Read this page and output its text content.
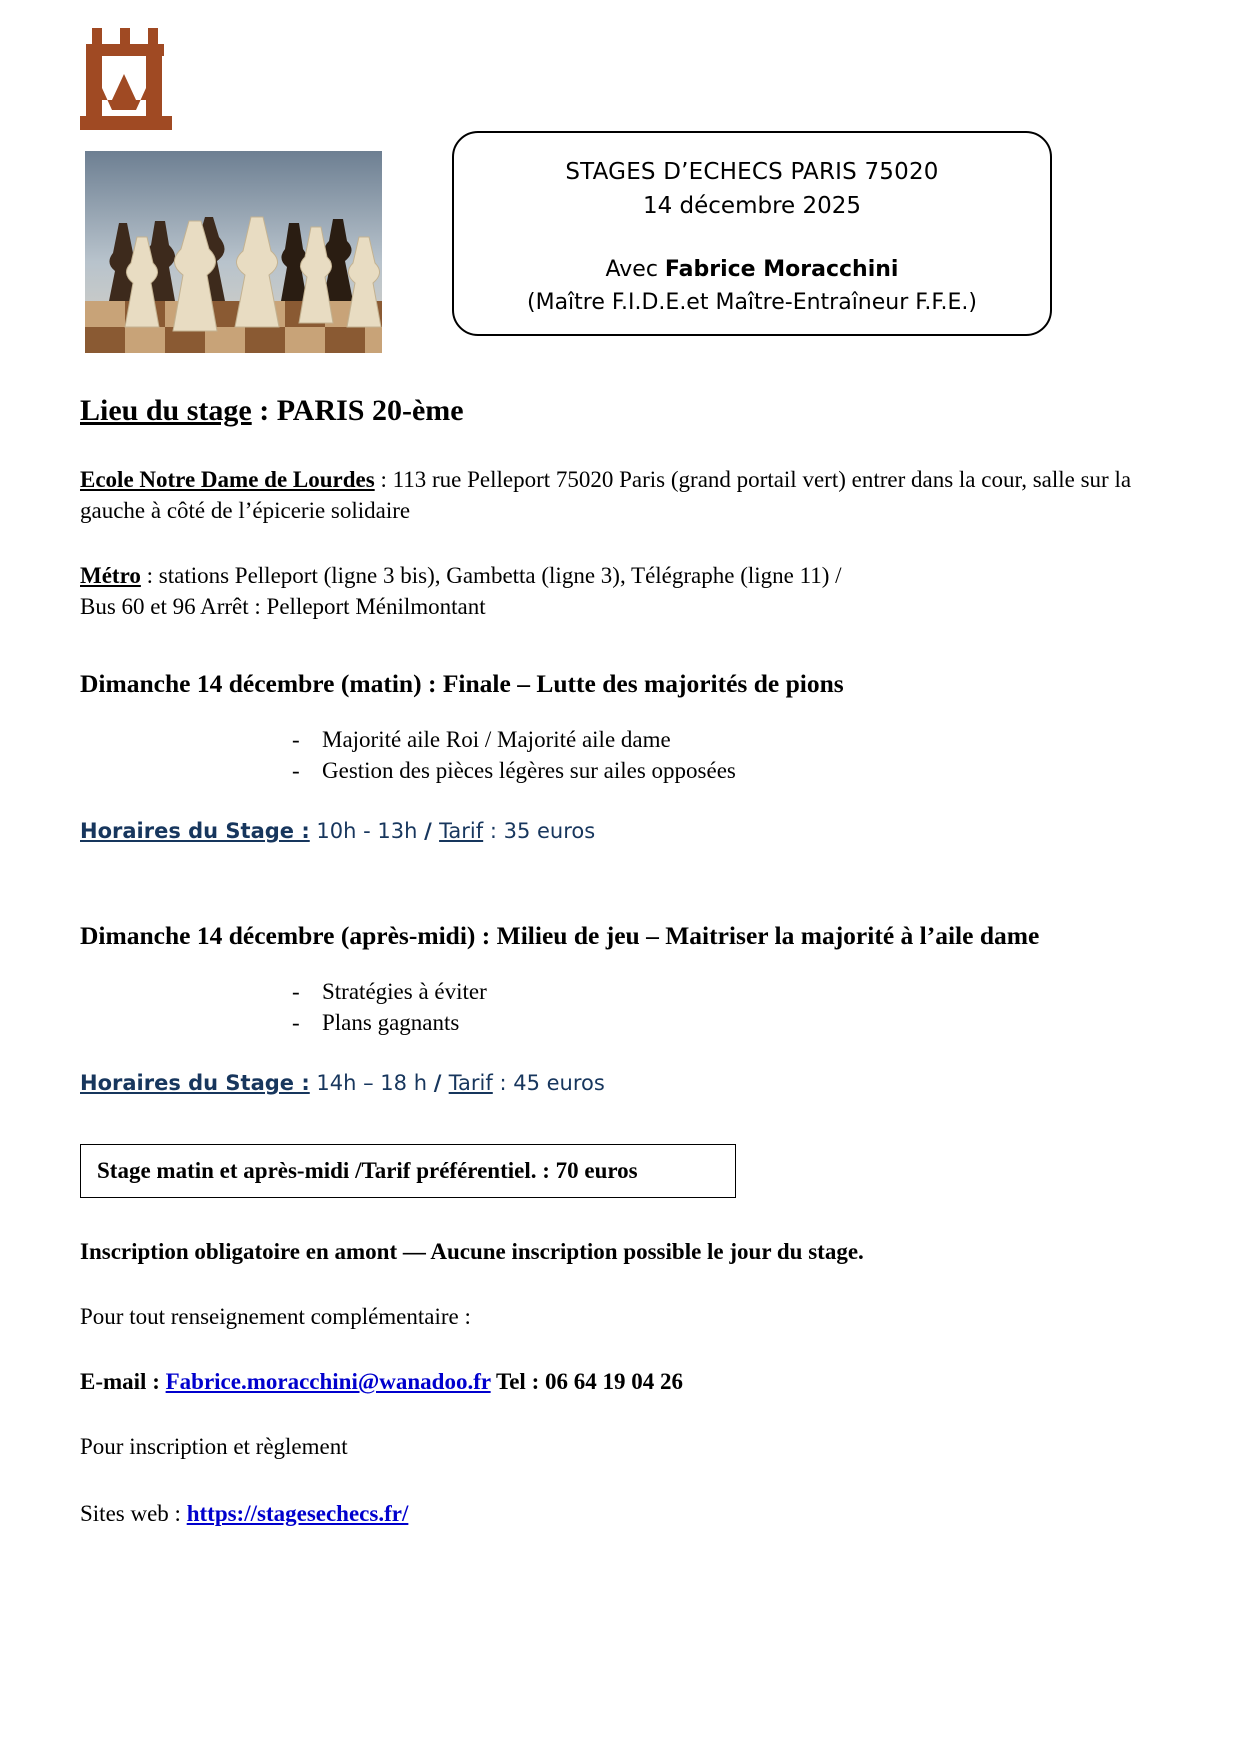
STAGES D’ECHECS PARIS 75020
14 décembre 2025
Avec Fabrice Moracchini
(Maître F.I.D.E.et Maître-Entraîneur F.F.E.)
Lieu du stage : PARIS 20-ème

Ecole Notre Dame de Lourdes : 113 rue Pelleport 75020 Paris (grand portail vert) entrer dans la cour, salle sur la gauche à côté de l’épicerie solidaire

Métro : stations Pelleport (ligne 3 bis), Gambetta (ligne 3), Télégraphe (ligne 11) /
Bus 60 et 96 Arrêt : Pelleport Ménilmontant

Dimanche 14 décembre (matin) : Finale – Lutte des majorités de pions
- Majorité aile Roi / Majorité aile dame
- Gestion des pièces légères sur ailes opposées

Horaires du Stage : 10h - 13h / Tarif : 35 euros

Dimanche 14 décembre (après-midi) : Milieu de jeu – Maitriser la majorité à l’aile dame
- Stratégies à éviter
- Plans gagnants

Horaires du Stage : 14h – 18 h / Tarif : 45 euros

Stage matin et après-midi /Tarif préférentiel. : 70 euros

Inscription obligatoire en amont — Aucune inscription possible le jour du stage.

Pour tout renseignement complémentaire :

E-mail : Fabrice.moracchini@wanadoo.fr Tel : 06 64 19 04 26

Pour inscription et règlement

Sites web : https://stagesechecs.fr/
